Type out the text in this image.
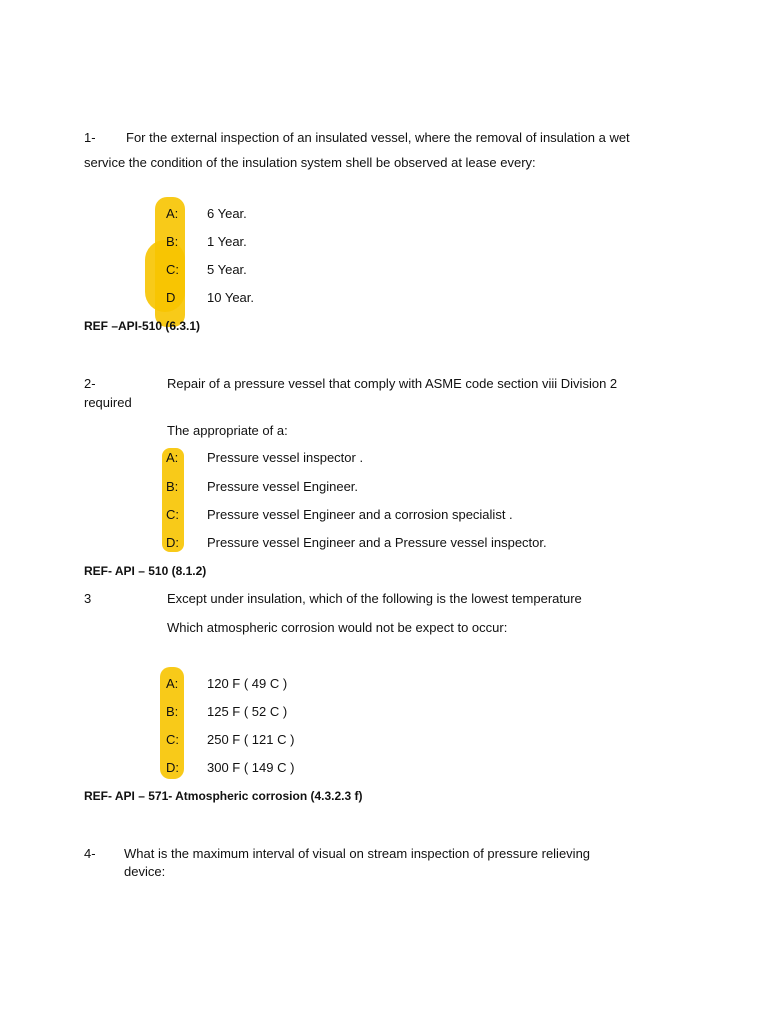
1- For the external inspection of an insulated vessel, where the removal of insulation a wet
service the condition of the insulation system shell be observed at lease every:
A: 6 Year.
B: 1 Year.
C: 5 Year.
D 10 Year.
REF –API-510 (6.3.1)
2-	Repair of a pressure vessel that comply with ASME code section viii Division 2
required
The appropriate of a:
A: Pressure vessel inspector .
B: Pressure vessel Engineer.
C: Pressure vessel Engineer and a corrosion specialist .
D: Pressure vessel Engineer and a Pressure vessel inspector.
REF- API – 510 (8.1.2)
3	Except under insulation, which of the following is the lowest temperature
Which atmospheric corrosion would not be expect to occur:
A: 120 F ( 49 C )
B: 125 F ( 52 C )
C: 250 F ( 121 C )
D: 300 F ( 149 C )
REF- API – 571- Atmospheric corrosion (4.3.2.3 f)
4- What is the maximum interval of visual on stream inspection of pressure relieving
device:
